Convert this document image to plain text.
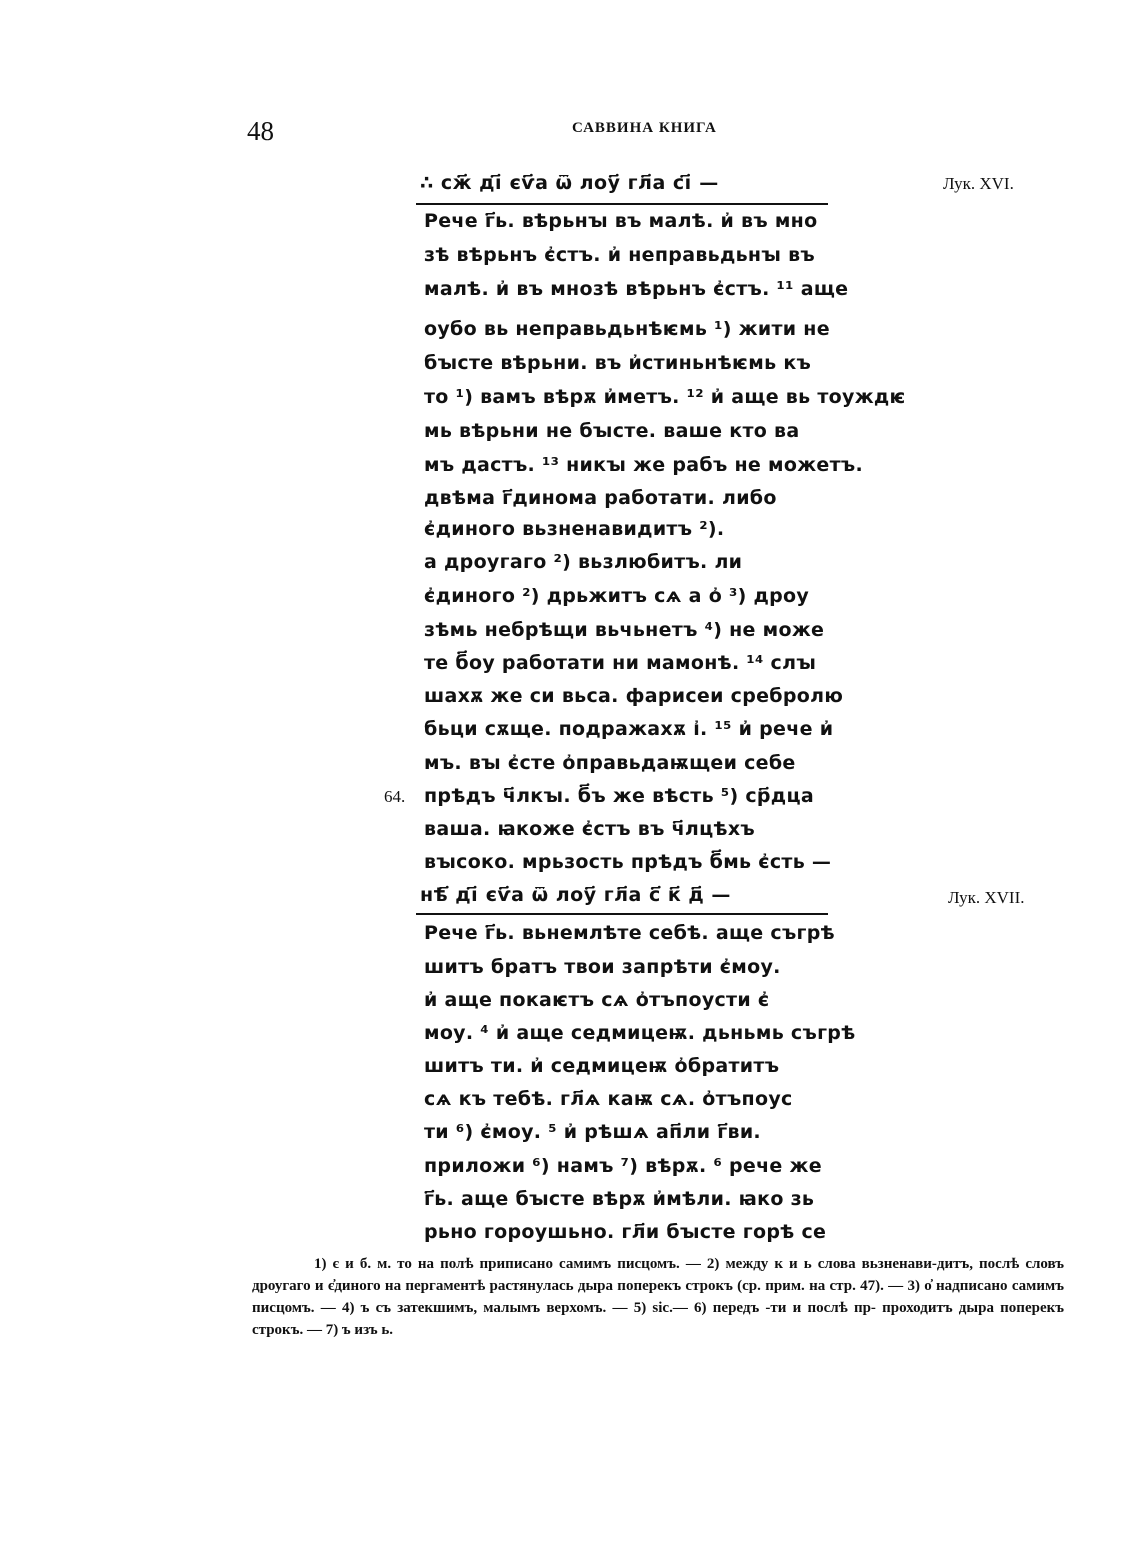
48	САВВИНА КНИГА
Лук. XVI.
Лук. XVII.
∴ сж҃ дı҃ єѵ҃а ѿ лоу҃ гл҃а сı҃ —
Рече г҃ь. вѣрьнꙑ въ малѣ. и҆ въ мно
зѣ вѣрьнъ є҆стъ. и҆ неправьдьнꙑ въ
малѣ. и҆ въ мнозѣ вѣрьнъ є҆стъ. ¹¹ аще
оубо вь неправьдьнѣѥмь ¹) жити не
бꙑсте вѣрьни. въ и҆стиньнѣѥмь къ
то ¹) вамъ вѣрѫ и҆метъ. ¹² и҆ аще вь тоуждѥ
мь вѣрьни не бꙑсте. ваше кто ва
мъ дастъ. ¹³ никꙑ же рабъ не можетъ.
двѣма г҃динома работати. либо
є҆диного вьзненавидитъ ²).
а дроугаго ²) вьзлюбитъ. ли
є҆диного ²) дрьжитъ сѧ а о҆ ³) дроу
зѣмь небрѣщи вьчьнетъ ⁴) не може
те б҃оу работати ни мамонѣ. ¹⁴ слꙑ
шахѫ же си вьса. фарисеи сребролю
бьци сѫще. подражахѫ і҆. ¹⁵ и҆ рече и҆
мъ. вꙑ є҆сте о҆правьдаѭщеи себе
64. прѣдъ ч҃лкꙑ. б҃ъ же вѣсть ⁵) ср҃дца
ваша. ꙗкоже є҆стъ въ ч҃лцѣхъ
вꙑсоко. мрьзость прѣдъ б҃мь є҆сть —
нѣ҃ дı҃ єѵ҃а ѿ лоу҃ гл҃а с҃ к҃ д҃ —
Рече г҃ь. вьнемлѣте себѣ. аще съгрѣ
шитъ братъ твои запрѣти є҆моу.
и҆ аще покаѥтъ сѧ о҆тъпоусти є҆
моу. ⁴ и҆ аще седмицеѭ. дьньмь съгрѣ
шитъ ти. и҆ седмицеѭ о҆братитъ
сѧ къ тебѣ. гл҃ѧ каѭ сѧ. о҆тъпоус
ти ⁶) є҆моу. ⁵ и҆ рѣшѧ ап҃ли г҃ви.
приложи ⁶) намъ ⁷) вѣрѫ. ⁶ рече же
г҃ь. аще бꙑсте вѣрѫ и҆мѣли. ꙗко зь
рьно гороушьно. гл҃и бꙑсте горѣ се

1) є и б. м. то на полѣ приписано самимъ писцомъ. — 2) между к и ь слова вьзненави-дитъ, послѣ словъ дроугаго и є҆диного на пергаментѣ растянулась дыра поперекъ строкъ (ср. прим. на стр. 47). — 3) о҆ надписано самимъ писцомъ. — 4) ъ съ затекшимъ, малымъ верхомъ. — 5) sic.— 6) передъ -ти и послѣ пр- проходитъ дыра поперекъ строкъ. — 7) ъ изъ ь.
